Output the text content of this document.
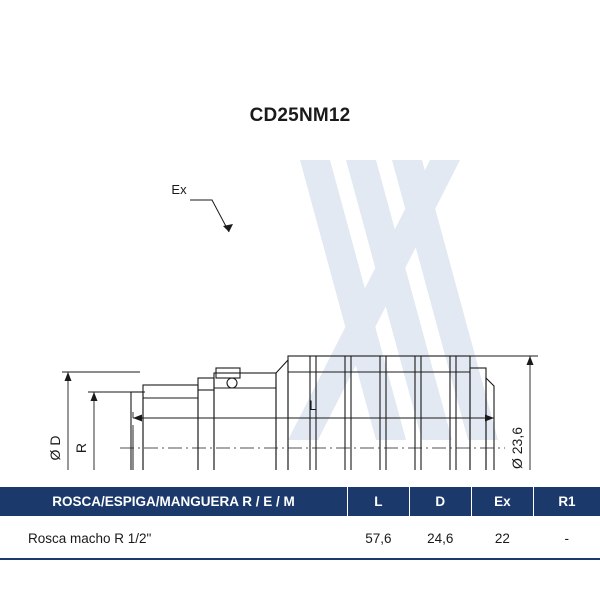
CD25NM12
Ex
Ø D R	Ø 23,6
L
ROSCA/ESPIGA/MANGUERA R / E / M	L	D	Ex	R1
Rosca macho R 1/2"	57,6	24,6	22	-
